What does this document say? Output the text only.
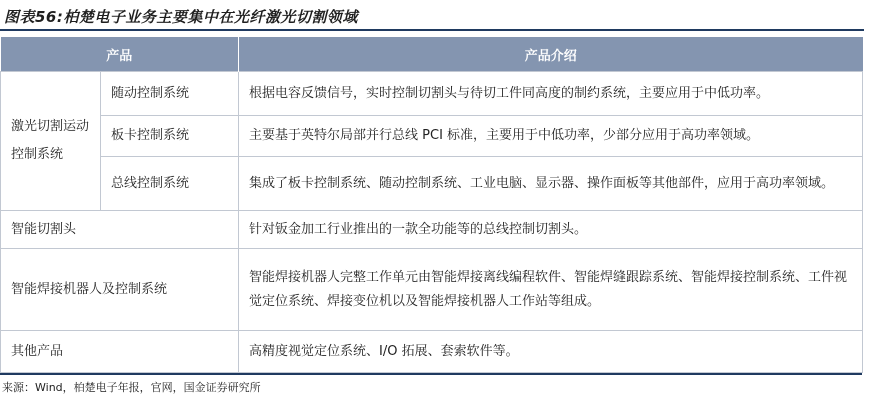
图表56:柏楚电子业务主要集中在光纤激光切割领域
产品		产品介绍
激光切割运动控制系统	随动控制系统	根据电容反馈信号，实时控制切割头与待切工件同高度的制约系统，主要应用于中低功率。
	板卡控制系统	主要基于英特尔局部并行总线 PCI 标准，主要用于中低功率，少部分应用于高功率领域。
	总线控制系统	集成了板卡控制系统、随动控制系统、工业电脑、显示器、操作面板等其他部件，应用于高功率领域。
智能切割头		针对钣金加工行业推出的一款全功能等的总线控制切割头。
智能焊接机器人及控制系统		智能焊接机器人完整工作单元由智能焊接离线编程软件、智能焊缝跟踪系统、智能焊接控制系统、工件视觉定位系统、焊接变位机以及智能焊接机器人工作站等组成。
其他产品		高精度视觉定位系统、I/O 拓展、套索软件等。
来源：Wind，柏楚电子年报，官网，国金证券研究所
